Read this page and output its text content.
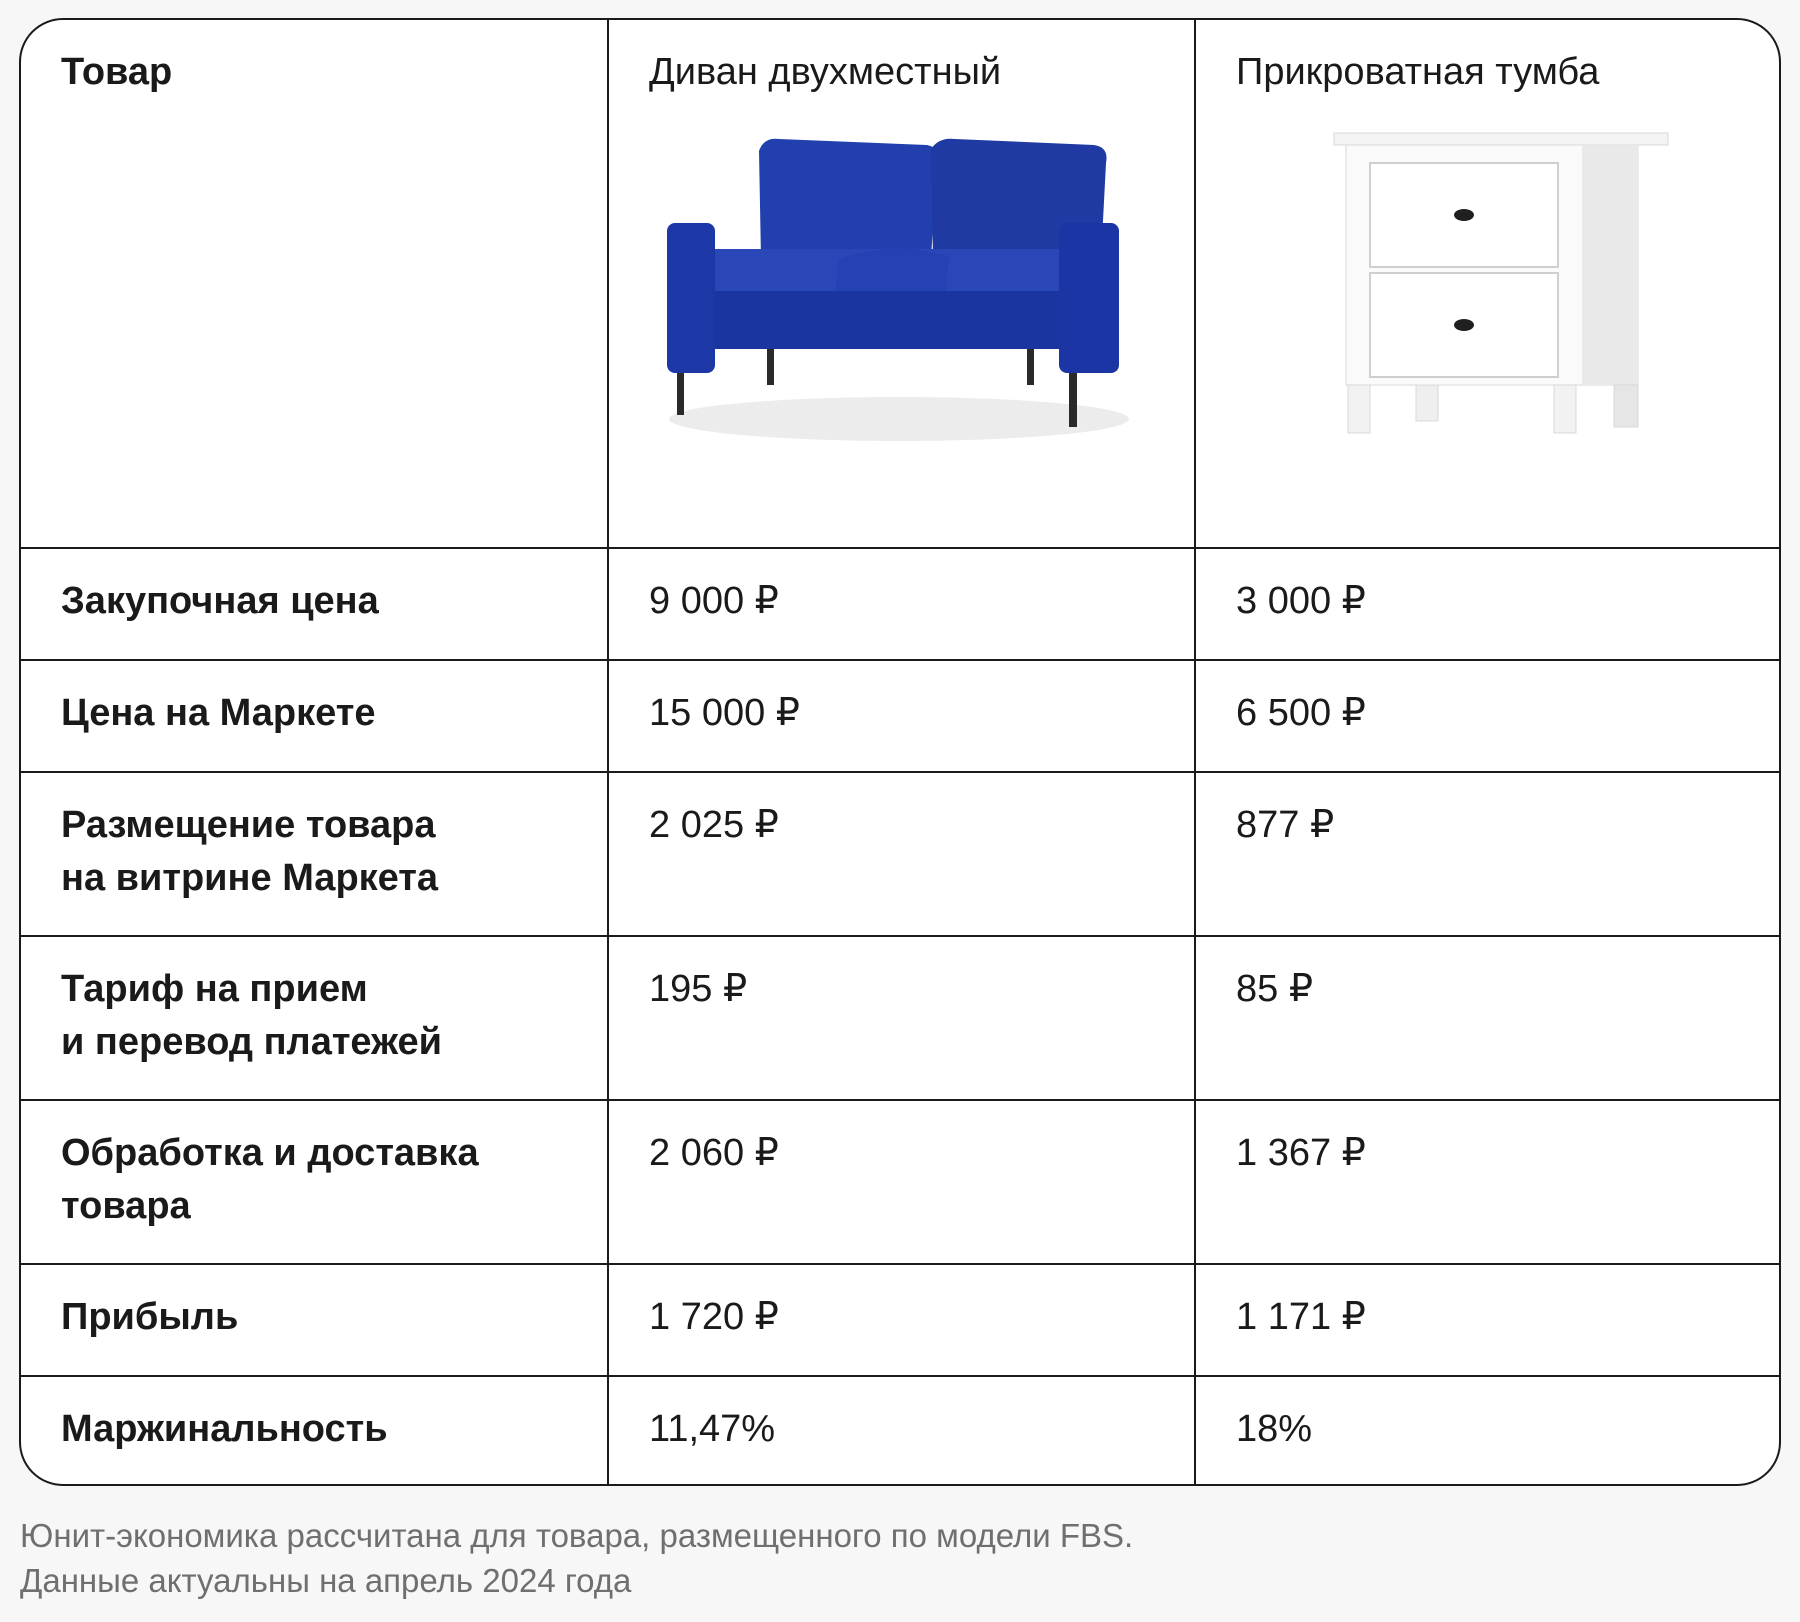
Товар	Диван двухместный	Прикроватная тумба

Закупочная цена	9 000 ₽	3 000 ₽
Цена на Маркете	15 000 ₽	6 500 ₽

Размещение товара
на витрине Маркета	2 025 ₽	877 ₽

Тариф на прием
и перевод платежей	195 ₽	85 ₽

Обработка и доставка
товара	2 060 ₽	1 367 ₽
Прибыль	1 720 ₽	1 171 ₽
Маржинальность	11,47%	18%
Юнит-экономика рассчитана для товара, размещенного по модели FBS.
Данные актуальны на апрель 2024 года
